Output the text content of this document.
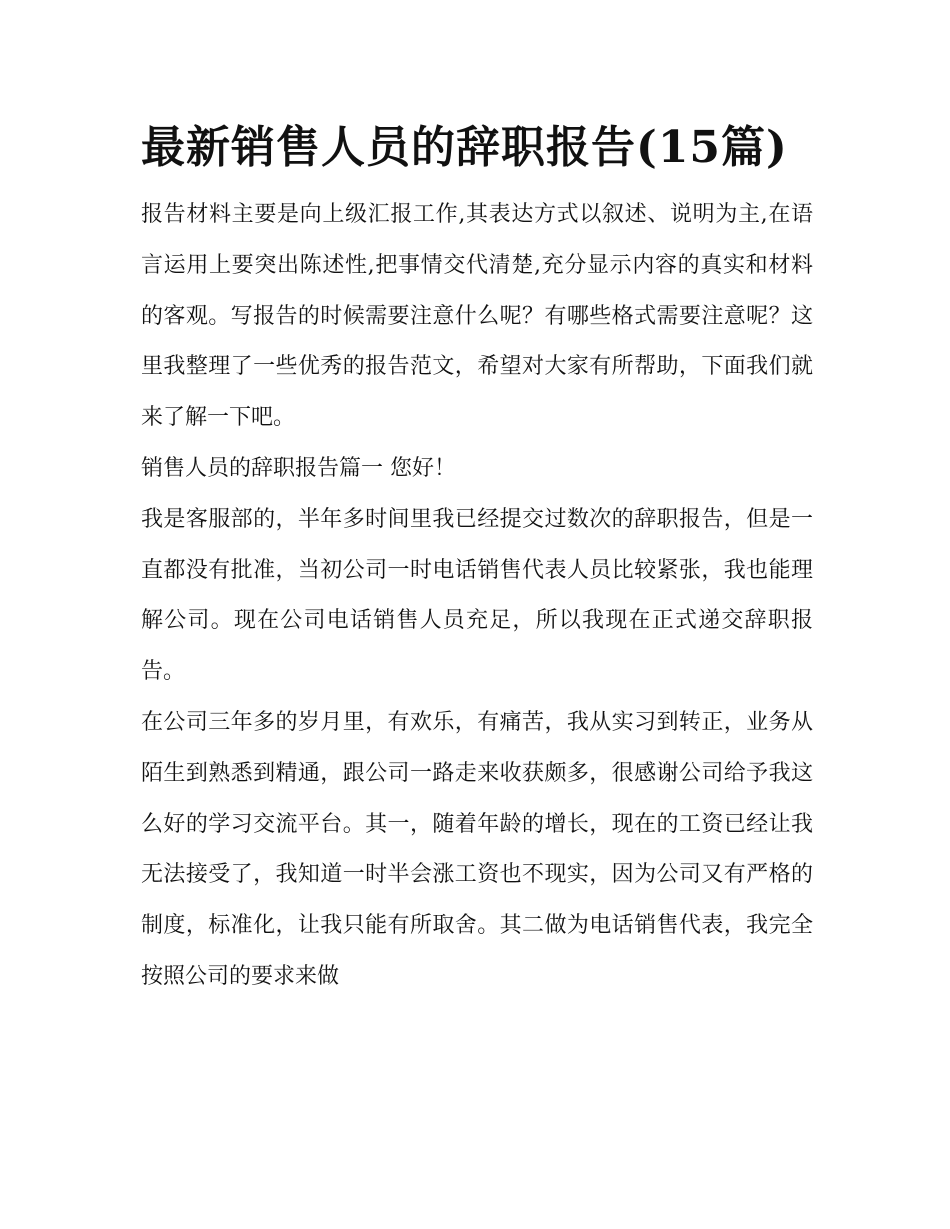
最新销售人员的辞职报告(15篇)

报告材料主要是向上级汇报工作,其表达方式以叙述、说明为主,在语言运用上要突出陈述性,把事情交代清楚,充分显示内容的真实和材料的客观。写报告的时候需要注意什么呢？有哪些格式需要注意呢？这里我整理了一些优秀的报告范文，希望对大家有所帮助，下面我们就来了解一下吧。

销售人员的辞职报告篇一 您好！

我是客服部的，半年多时间里我已经提交过数次的辞职报告，但是一直都没有批准，当初公司一时电话销售代表人员比较紧张，我也能理解公司。现在公司电话销售人员充足，所以我现在正式递交辞职报告。

在公司三年多的岁月里，有欢乐，有痛苦，我从实习到转正，业务从陌生到熟悉到精通，跟公司一路走来收获颇多，很感谢公司给予我这么好的学习交流平台。其一，随着年龄的增长，现在的工资已经让我无法接受了，我知道一时半会涨工资也不现实，因为公司又有严格的制度，标准化，让我只能有所取舍。其二做为电话销售代表，我完全按照公司的要求来做
